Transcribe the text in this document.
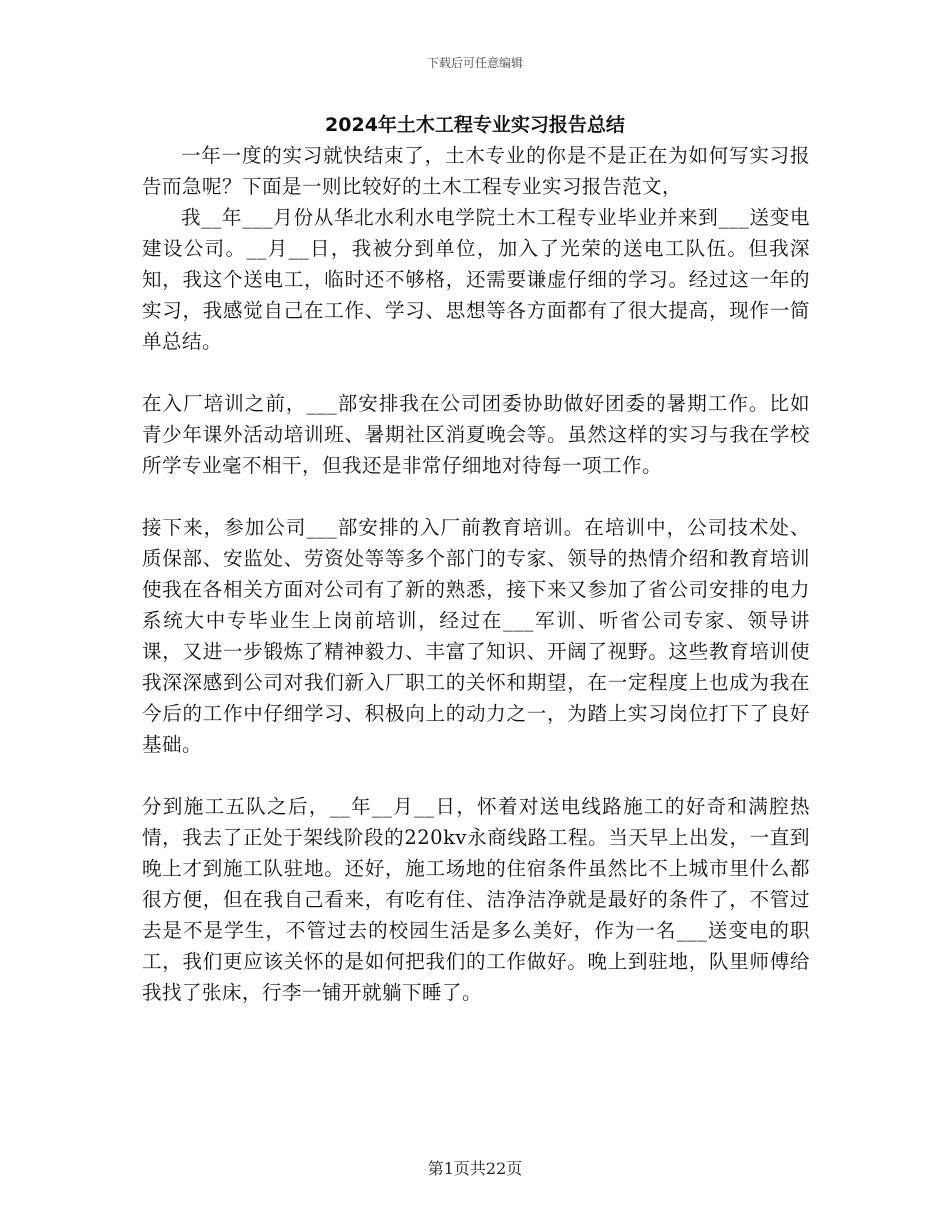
下载后可任意编辑
2024年土木工程专业实习报告总结

一年一度的实习就快结束了，土木专业的你是不是正在为如何写实习报告而急呢？下面是一则比较好的土木工程专业实习报告范文，

我__年___月份从华北水利水电学院土木工程专业毕业并来到___送变电建设公司。__月__日，我被分到单位，加入了光荣的送电工队伍。但我深知，我这个送电工，临时还不够格，还需要谦虚仔细的学习。经过这一年的实习，我感觉自己在工作、学习、思想等各方面都有了很大提高，现作一简单总结。

在入厂培训之前，___部安排我在公司团委协助做好团委的暑期工作。比如青少年课外活动培训班、暑期社区消夏晚会等。虽然这样的实习与我在学校所学专业毫不相干，但我还是非常仔细地对待每一项工作。

接下来，参加公司___部安排的入厂前教育培训。在培训中，公司技术处、质保部、安监处、劳资处等等多个部门的专家、领导的热情介绍和教育培训使我在各相关方面对公司有了新的熟悉，接下来又参加了省公司安排的电力系统大中专毕业生上岗前培训，经过在___军训、听省公司专家、领导讲课，又进一步锻炼了精神毅力、丰富了知识、开阔了视野。这些教育培训使我深深感到公司对我们新入厂职工的关怀和期望，在一定程度上也成为我在今后的工作中仔细学习、积极向上的动力之一，为踏上实习岗位打下了良好基础。

分到施工五队之后，__年__月__日，怀着对送电线路施工的好奇和满腔热情，我去了正处于架线阶段的220kv永商线路工程。当天早上出发，一直到晚上才到施工队驻地。还好，施工场地的住宿条件虽然比不上城市里什么都很方便，但在我自己看来，有吃有住、洁净洁净就是最好的条件了，不管过去是不是学生，不管过去的校园生活是多么美好，作为一名___送变电的职工，我们更应该关怀的是如何把我们的工作做好。晚上到驻地，队里师傅给我找了张床，行李一铺开就躺下睡了。

第1页共22页
